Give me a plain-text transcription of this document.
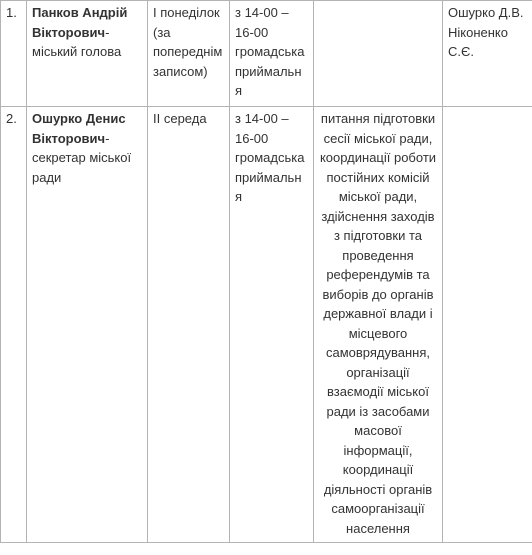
1.	Панков Андрій Вікторович-міський голова	І понеділок (за попереднім записом)	з 14-00 – 16-00 громадська приймальня		Ошурко Д.В. Ніконенко С.Є.
2.	Ошурко Денис Вікторович-секретар міської ради	ІІ середа	з 14-00 – 16-00 громадська приймальня	питання підготовки сесії міської ради, координації роботи постійних комісій міської ради, здійснення заходів з підготовки та проведення референдумів та виборів до органів державної влади і місцевого самоврядування, організації взаємодії міської ради із засобами масової інформації, координації діяльності органів самоорганізації населення	
